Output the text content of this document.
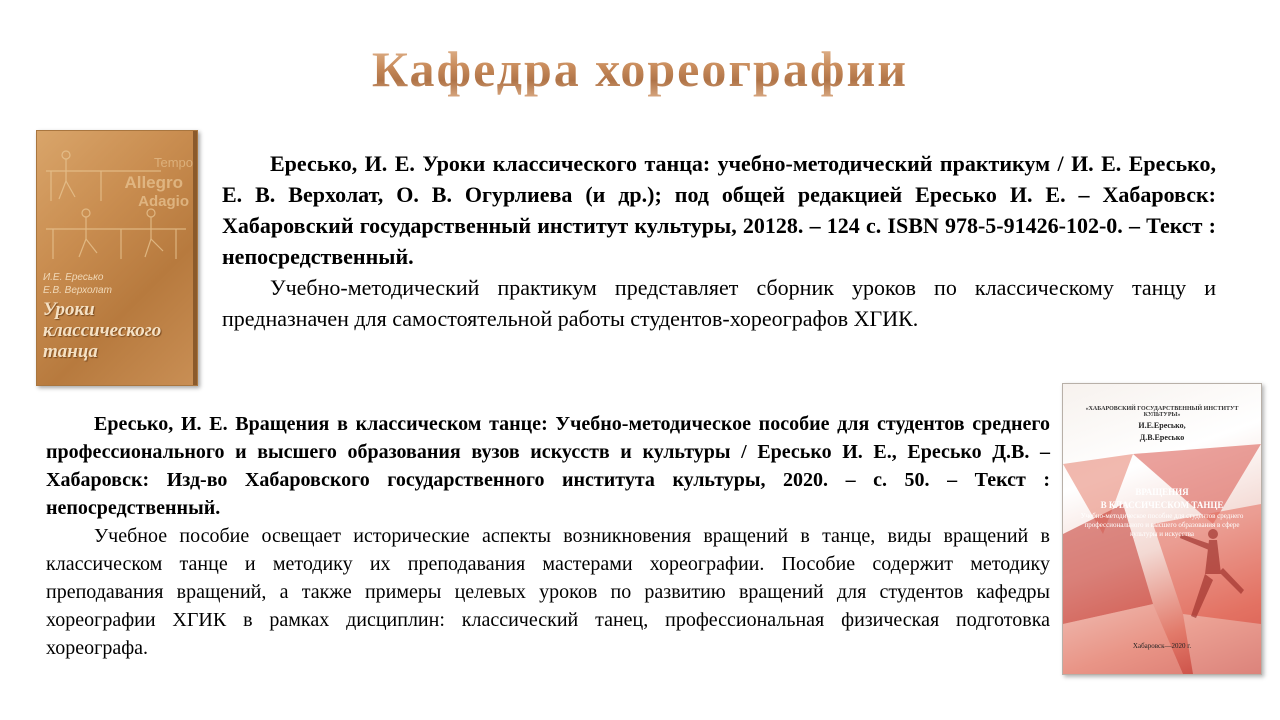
Кафедра хореографии
Tempo
Allegro
Adagio
И.Е. Ересько
Е.В. Верхолат
Уроки классического танца

Ересько, И. Е. Уроки классического танца: учебно-методический практикум / И. Е. Ересько, Е. В. Верхолат, О. В. Огурлиева (и др.); под общей редакцией Ересько И. Е. – Хабаровск: Хабаровский государственный институт культуры, 20128. – 124 с. ISBN 978-5-91426-102-0. – Текст : непосредственный.

Учебно-методический практикум представляет сборник уроков по классическому танцу и предназначен для самостоятельной работы студентов-хореографов ХГИК.

Ересько, И. Е. Вращения в классическом танце: Учебно-методическое пособие для студентов среднего профессионального и высшего образования вузов искусств и культуры / Ересько И. Е., Ересько Д.В. – Хабаровск: Изд-во Хабаровского государственного института культуры, 2020. – с. 50. – Текст : непосредственный.

Учебное пособие освещает исторические аспекты возникновения вращений в танце, виды вращений в классическом танце и методику их преподавания мастерами хореографии. Пособие содержит методику преподавания вращений, а также примеры целевых уроков по развитию вращений для студентов кафедры хореографии ХГИК в рамках дисциплин: классический танец, профессиональная физическая подготовка хореографа.

«ХАБАРОВСКИЙ ГОСУДАРСТВЕННЫЙ ИНСТИТУТ КУЛЬТУРЫ»
И.Е.Ересько,
Д.В.Ересько
ВРАЩЕНИЯ
В КЛАССИЧЕСКОМ ТАНЦЕ
Учебно-методическое пособие для студентов среднего профессионального и высшего образования в сфере культуры и искусства
Хабаровск—2020 г.
